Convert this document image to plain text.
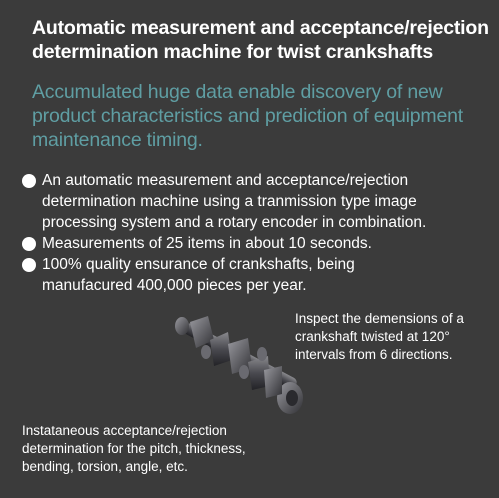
Automatic measurement and acceptance/rejection
determination machine for twist crankshafts
Accumulated huge data enable discovery of new
product characteristics and prediction of equipment
maintenance timing.
An automatic measurement and acceptance/rejection
determination machine using a tranmission type image
processing system and a rotary encoder in combination.
Measurements of 25 items in about 10 seconds.
100% quality ensurance of crankshafts, being
manufacured 400,000 pieces per year.
Inspect the demensions of a
crankshaft twisted at 120°
intervals from 6 directions.
Instataneous acceptance/rejection
determination for the pitch, thickness,
bending, torsion, angle, etc.
